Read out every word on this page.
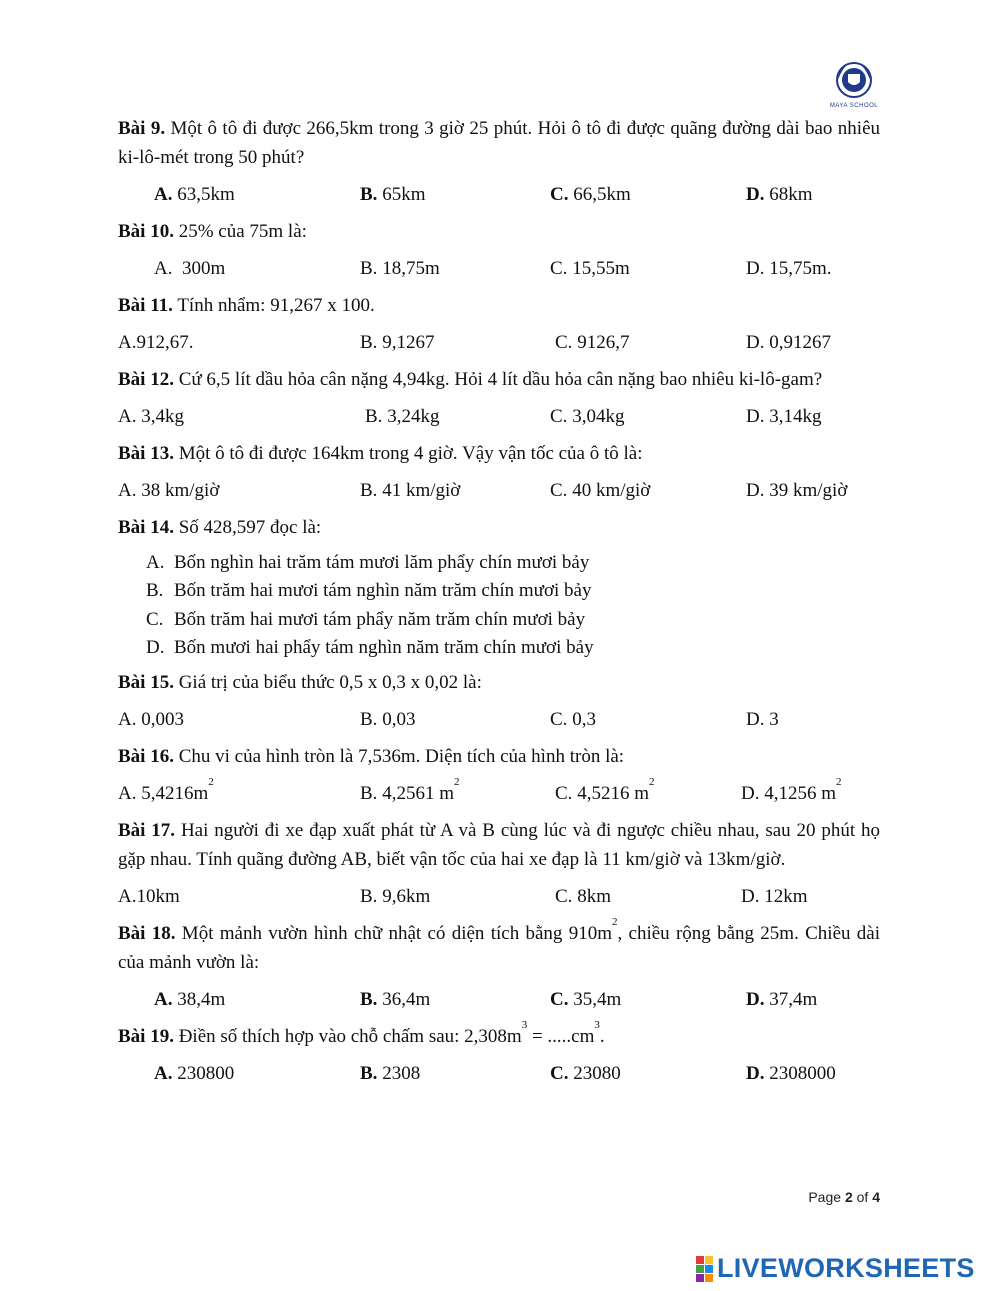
MAYA SCHOOL
Bài 9. Một ô tô đi được 266,5km trong 3 giờ 25 phút. Hỏi ô tô đi được quãng đường dài bao nhiêu ki-lô-mét trong 50 phút?
A. 63,5km	B. 65km	C. 66,5km	D. 68km
Bài 10. 25% của 75m là:
A.  300m	B. 18,75m	C. 15,55m	D. 15,75m.
Bài 11. Tính nhẩm: 91,267 x 100.
A.912,67.	B. 9,1267	C. 9126,7	D. 0,91267
Bài 12. Cứ 6,5 lít dầu hỏa cân nặng 4,94kg. Hỏi 4 lít dầu hỏa cân nặng bao nhiêu ki-lô-gam?
A. 3,4kg	B. 3,24kg	C. 3,04kg	D. 3,14kg
Bài 13. Một ô tô đi được 164km trong 4 giờ. Vậy vận tốc của ô tô là:
A. 38 km/giờ	B. 41 km/giờ	C. 40 km/giờ	D. 39 km/giờ
Bài 14. Số 428,597 đọc là:
A. Bốn nghìn hai trăm tám mươi lăm phẩy chín mươi bảy
B. Bốn trăm hai mươi tám nghìn năm trăm chín mươi bảy
C. Bốn trăm hai mươi tám phẩy năm trăm chín mươi bảy
D. Bốn mươi hai phẩy tám nghìn năm trăm chín mươi bảy
Bài 15. Giá trị của biểu thức 0,5 x 0,3 x 0,02 là:
A. 0,003	B. 0,03	C. 0,3	D. 3
Bài 16. Chu vi của hình tròn là 7,536m. Diện tích của hình tròn là:
A. $5,4216m^2$
B. 4,2561 $m^2$
C. 4,5216 $m^2$
D. 4,1256 $m^2$
Bài 17. Hai người đi xe đạp xuất phát từ A và B cùng lúc và đi ngược chiều nhau, sau 20 phút họ gặp nhau. Tính quãng đường AB, biết vận tốc của hai xe đạp là 11 km/giờ và 13km/giờ.
A.10km	B. 9,6km	C. 8km	D. 12km
Bài 18. Một mảnh vườn hình chữ nhật có diện tích bằng $910m^2$, chiều rộng bằng 25m. Chiều dài của mảnh vườn là:
A. 38,4m	B. 36,4m	C. 35,4m	D. 37,4m
Bài 19. Điền số thích hợp vào chỗ chấm sau: $2,308m^3 = .....cm^3$.
A. 230800	B. 2308	C. 23080	D. 2308000
Page 2 of 4
LIVEWORKSHEETS
